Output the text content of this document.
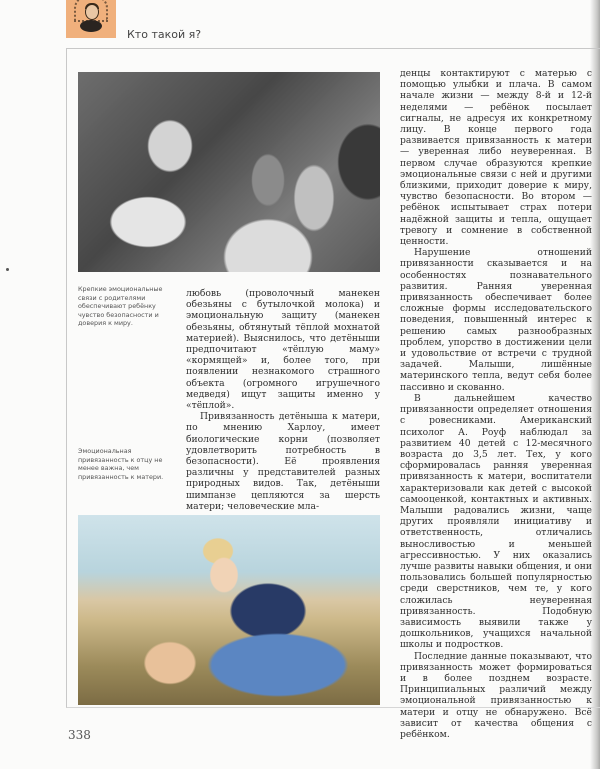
Кто такой я?
Крепкие эмоциональные связи с родителями обеспечивают ребёнку чувство безопасности и доверия к миру.
Эмоциональная привязанность к отцу не менее важна, чем привязанность к матери.

любовь (проволочный манекен обезьяны с бутылочкой молока) и эмоциональную защиту (манекен обезьяны, обтянутый тёплой мохнатой материей). Выяснилось, что детёныши предпочитают «тёплую маму» «кормящей» и, более того, при появлении незнакомого страшного объекта (огромного игрушечного медведя) ищут защиты именно у «тёплой».

Привязанность детёныша к матери, по мнению Харлоу, имеет биологические корни (позволяет удовлетворить потребность в безопасности). Её проявления различны у представителей разных природных видов. Так, детёныши шимпанзе цепляются за шерсть матери; человеческие мла-

денцы контактируют с матерью с помощью улыбки и плача. В самом начале жизни — между 8-й и 12-й неделями — ребёнок посылает сигналы, не адресуя их конкретному лицу. В конце первого года развивается привязанность к матери — уверенная либо неуверенная. В первом случае образуются крепкие эмоциональные связи с ней и другими близкими, приходит доверие к миру, чувство безопасности. Во втором — ребёнок испытывает страх потери надёжной защиты и тепла, ощущает тревогу и сомнение в собственной ценности.

Нарушение отношений привязанности сказывается и на особенностях познавательного развития. Ранняя уверенная привязанность обеспечивает более сложные формы исследовательского поведения, повышенный интерес к решению самых разнообразных проблем, упорство в достижении цели и удовольствие от встречи с трудной задачей. Малыши, лишённые материнского тепла, ведут себя более пассивно и скованно.

В дальнейшем качество привязанности определяет отношения с ровесниками. Американский психолог А. Роуф наблюдал за развитием 40 детей с 12-месячного возраста до 3,5 лет. Тех, у кого сформировалась ранняя уверенная привязанность к матери, воспитатели характеризовали как детей с высокой самооценкой, контактных и активных. Малыши радовались жизни, чаще других проявляли инициативу и ответственность, отличались выносливостью и меньшей агрессивностью. У них оказались лучше развиты навыки общения, и они пользовались большей популярностью среди сверстников, чем те, у кого сложилась неуверенная привязанность. Подобную зависимость выявили также у дошкольников, учащихся начальной школы и подростков.

Последние данные показывают, что привязанность может формироваться и в более позднем возрасте. Принципиальных различий между эмоциональной привязанностью к матери и отцу не обнаружено. Всё зависит от качества общения с ребёнком.

338
